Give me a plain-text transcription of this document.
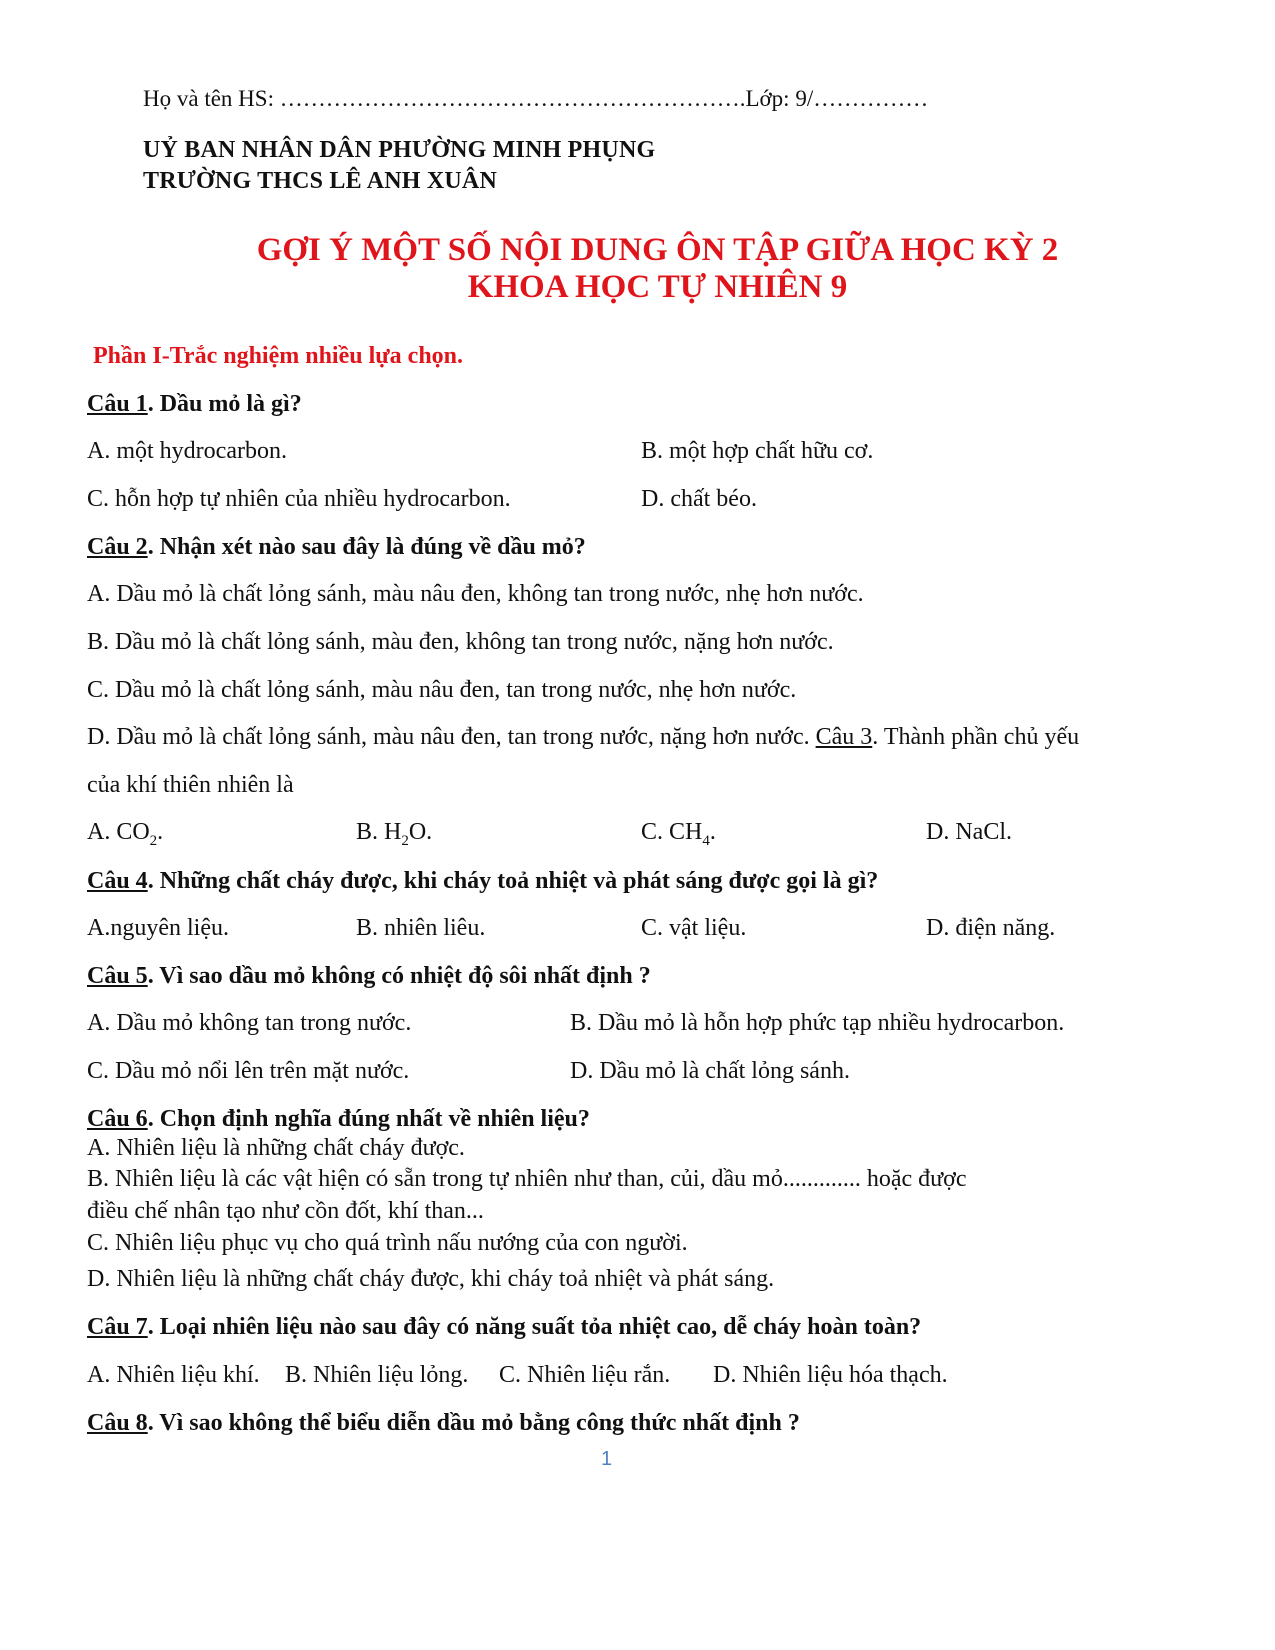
Họ và tên HS: …………………………………………………….Lớp: 9/……………
UỶ BAN NHÂN DÂN PHƯỜNG MINH PHỤNG
TRƯỜNG THCS LÊ ANH XUÂN
GỢI Ý MỘT SỐ NỘI DUNG ÔN TẬP GIỮA HỌC KỲ 2
KHOA HỌC TỰ NHIÊN 9
Phần I-Trắc nghiệm nhiều lựa chọn.
Câu 1. Dầu mỏ là gì?
A. một hydrocarbon.	B. một hợp chất hữu cơ.
C. hỗn hợp tự nhiên của nhiều hydrocarbon.	D. chất béo.
Câu 2. Nhận xét nào sau đây là đúng về dầu mỏ?
A. Dầu mỏ là chất lỏng sánh, màu nâu đen, không tan trong nước, nhẹ hơn nước.
B. Dầu mỏ là chất lỏng sánh, màu đen, không tan trong nước, nặng hơn nước.
C. Dầu mỏ là chất lỏng sánh, màu nâu đen, tan trong nước, nhẹ hơn nước.
D. Dầu mỏ là chất lỏng sánh, màu nâu đen, tan trong nước, nặng hơn nước. Câu 3. Thành phần chủ yếu
của khí thiên nhiên là
A. $CO_2$.	B. $H_2O$.	C. $CH_4$.	D. NaCl.
Câu 4. Những chất cháy được, khi cháy toả nhiệt và phát sáng được gọi là gì?
A.nguyên liệu.	B. nhiên liêu.	C. vật liệu.	D. điện năng.
Câu 5. Vì sao dầu mỏ không có nhiệt độ sôi nhất định ?
A. Dầu mỏ không tan trong nước.	B. Dầu mỏ là hỗn hợp phức tạp nhiều hydrocarbon.
C. Dầu mỏ nổi lên trên mặt nước.	D. Dầu mỏ là chất lỏng sánh.
Câu 6. Chọn định nghĩa đúng nhất về nhiên liệu?
A. Nhiên liệu là những chất cháy được.
B. Nhiên liệu là các vật hiện có sẵn trong tự nhiên như than, củi, dầu mỏ............. hoặc được
điều chế nhân tạo như cồn đốt, khí than...
C. Nhiên liệu phục vụ cho quá trình nấu nướng của con người.
D. Nhiên liệu là những chất cháy được, khi cháy toả nhiệt và phát sáng.
Câu 7. Loại nhiên liệu nào sau đây có năng suất tỏa nhiệt cao, dễ cháy hoàn toàn?
A. Nhiên liệu khí. B. Nhiên liệu lỏng. C. Nhiên liệu rắn. D. Nhiên liệu hóa thạch.
Câu 8. Vì sao không thể biểu diễn dầu mỏ bằng công thức nhất định ?
1
